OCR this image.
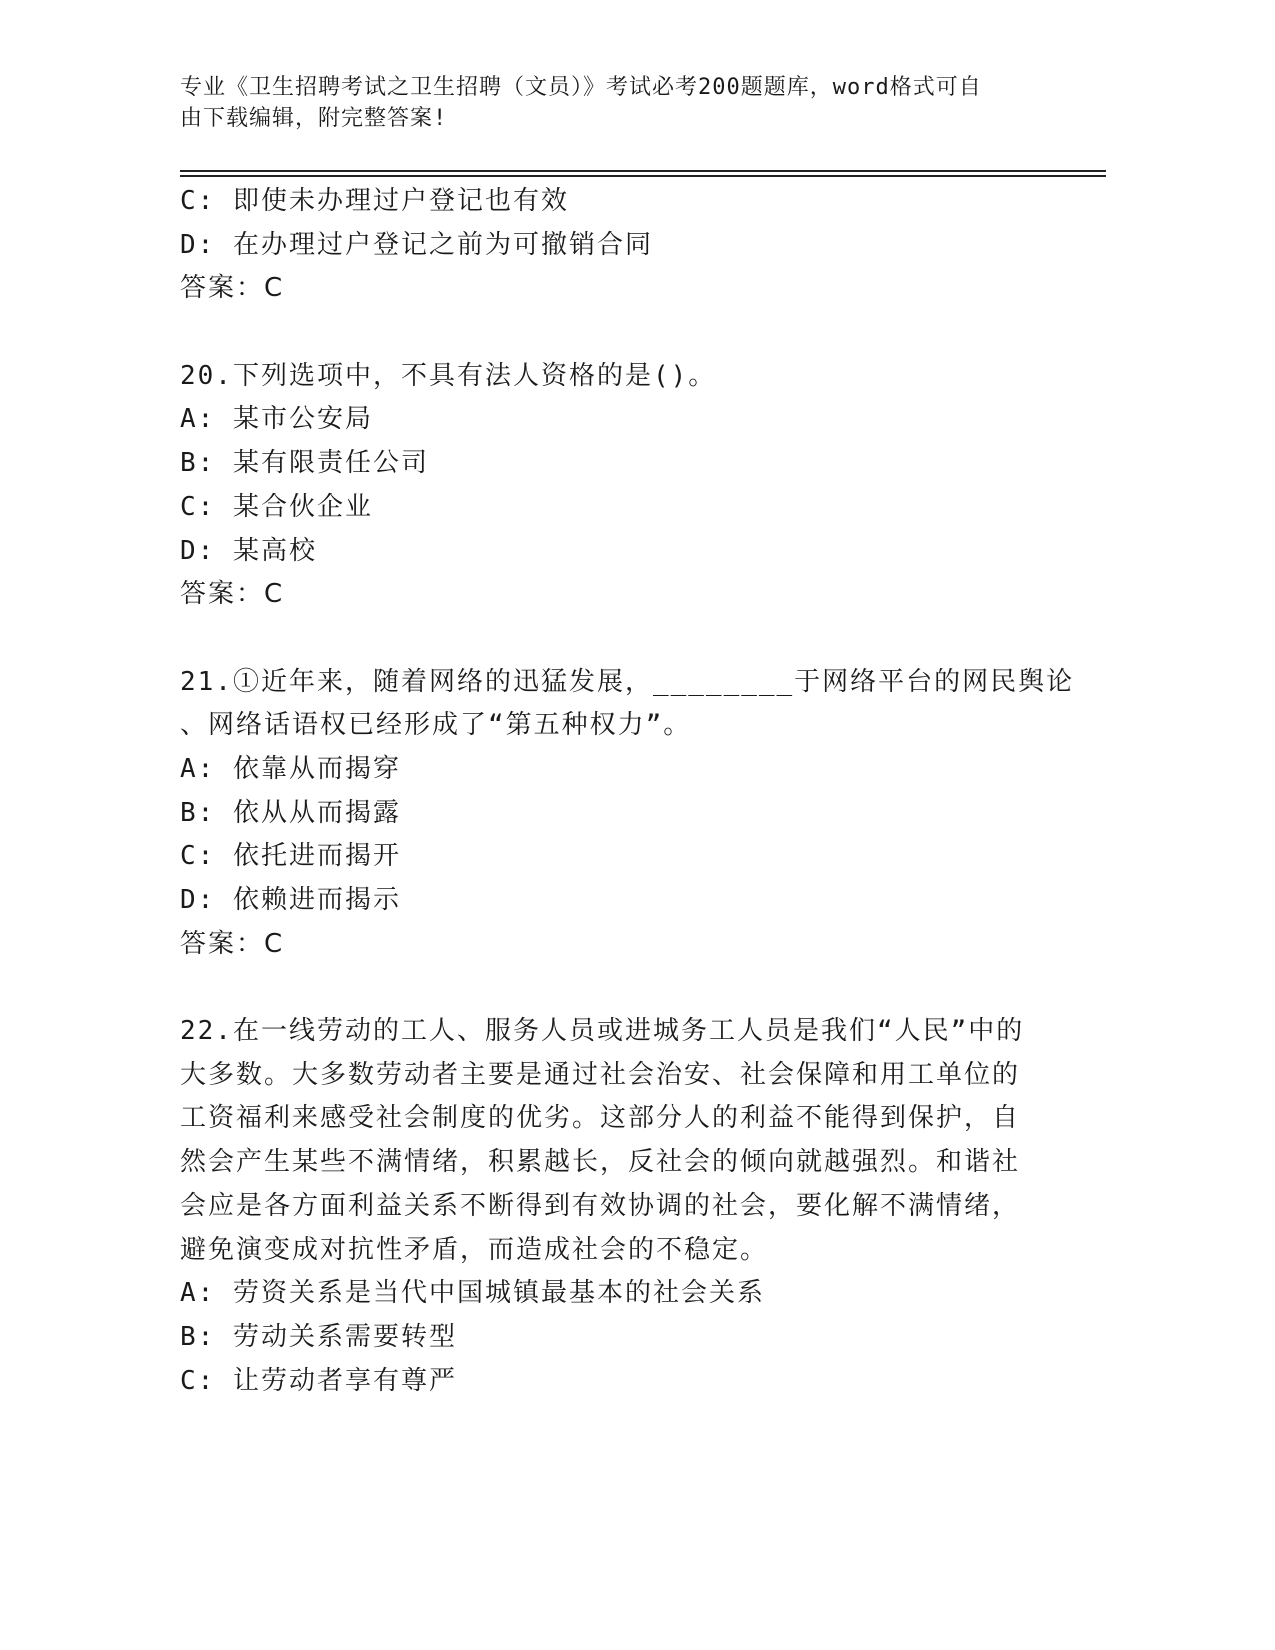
专业《卫生招聘考试之卫生招聘（文员）》考试必考200题题库，word格式可自
由下载编辑，附完整答案!
C: 即使未办理过户登记也有效
D: 在办理过户登记之前为可撤销合同
答案：C
20.下列选项中，不具有法人资格的是()。
A: 某市公安局
B: 某有限责任公司
C: 某合伙企业
D: 某高校
答案：C
21.①近年来，随着网络的迅猛发展，________于网络平台的网民舆论
、网络话语权已经形成了“第五种权力”。
A: 依靠从而揭穿
B: 依从从而揭露
C: 依托进而揭开
D: 依赖进而揭示
答案：C
22.在一线劳动的工人、服务人员或进城务工人员是我们“人民”中的
大多数。大多数劳动者主要是通过社会治安、社会保障和用工单位的
工资福利来感受社会制度的优劣。这部分人的利益不能得到保护，自
然会产生某些不满情绪，积累越长，反社会的倾向就越强烈。和谐社
会应是各方面利益关系不断得到有效协调的社会，要化解不满情绪，
避免演变成对抗性矛盾，而造成社会的不稳定。
A: 劳资关系是当代中国城镇最基本的社会关系
B: 劳动关系需要转型
C: 让劳动者享有尊严
